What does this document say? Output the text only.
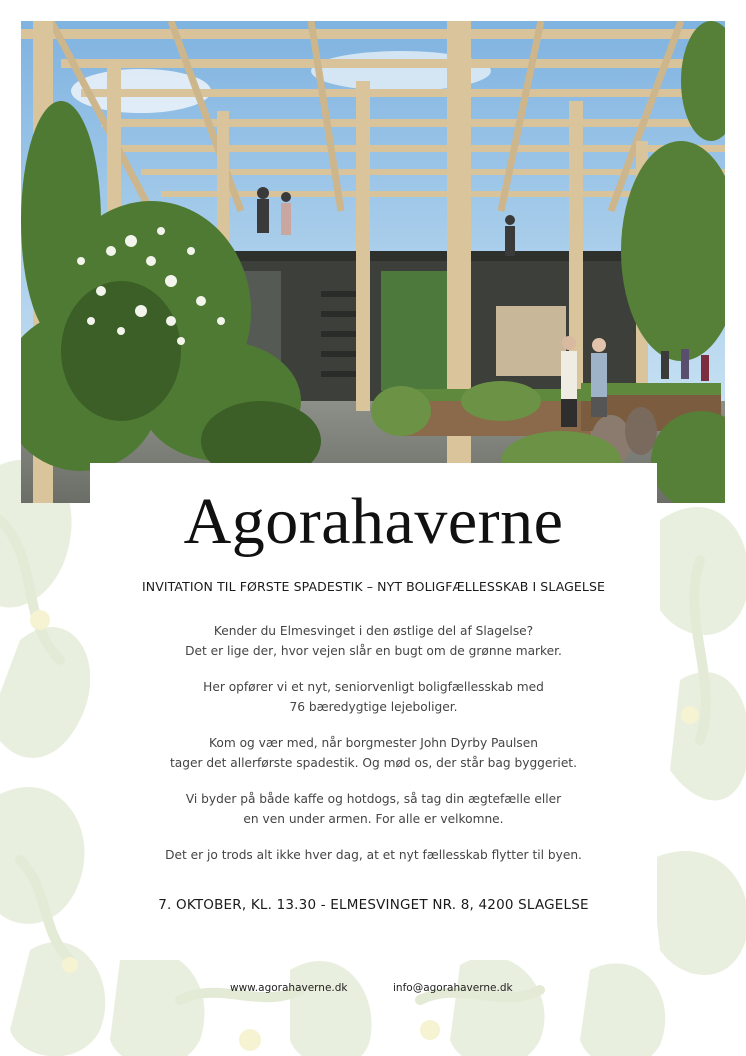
Agorahaverne
INVITATION TIL FØRSTE SPADESTIK – NYT BOLIGFÆLLESSKAB I SLAGELSE

Kender du Elmesvinget i den østlige del af Slagelse?
Det er lige der, hvor vejen slår en bugt om de grønne marker.

Her opfører vi et nyt, seniorvenligt boligfællesskab med
76 bæredygtige lejeboliger.

Kom og vær med, når borgmester John Dyrby Paulsen
tager det allerførste spadestik. Og mød os, der står bag byggeriet.

Vi byder på både kaffe og hotdogs, så tag din ægtefælle eller
en ven under armen. For alle er velkomne.

Det er jo trods alt ikke hver dag, at et nyt fællesskab flytter til byen.

7. OKTOBER, KL. 13.30 - ELMESVINGET NR. 8, 4200 SLAGELSE
www.agorahaverne.dk	info@agorahaverne.dk
